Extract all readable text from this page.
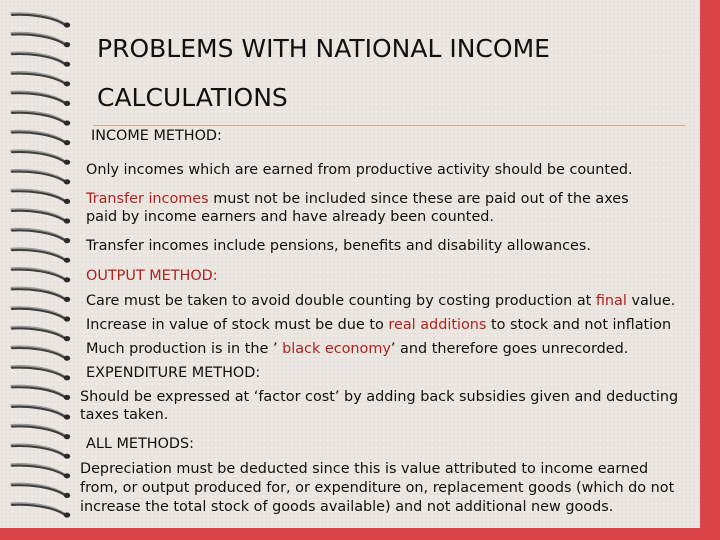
PROBLEMS WITH NATIONAL INCOME
CALCULATIONS
INCOME METHOD:
Only incomes which are earned from productive activity should be counted.
Transfer incomes must not be included since these are paid out of the axes
paid by income earners and have already been counted.
Transfer incomes include pensions, benefits and disability allowances.
OUTPUT METHOD:
Care must be taken to avoid double counting by costing production at final value.
Increase in value of stock must be due to real additions to stock and not inflation
Much production is in the ’ black economy’ and therefore goes unrecorded.
EXPENDITURE METHOD:
Should be expressed at ‘factor cost’ by adding back subsidies given and deducting
taxes taken.
ALL METHODS:
Depreciation must be deducted since this is value attributed to income earned
from, or output produced for, or expenditure on, replacement goods (which do not
increase the total stock of goods available) and not additional new goods.
